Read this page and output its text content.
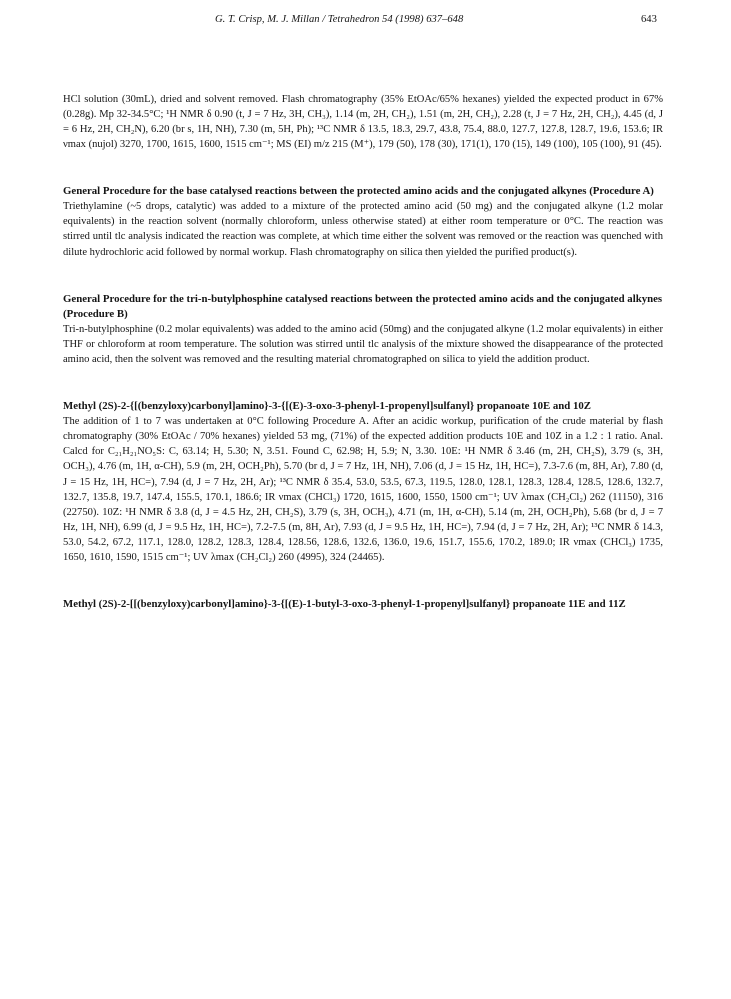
G. T. Crisp, M. J. Millan / Tetrahedron 54 (1998) 637–648	643

HCl solution (30mL), dried and solvent removed. Flash chromatography (35% EtOAc/65% hexanes) yielded the expected product in 67% (0.28g). Mp 32-34.5°C; ¹H NMR δ 0.90 (t, J = 7 Hz, 3H, CH₃), 1.14 (m, 2H, CH₂), 1.51 (m, 2H, CH₂), 2.28 (t, J = 7 Hz, 2H, CH₂), 4.45 (d, J = 6 Hz, 2H, CH₂N), 6.20 (br s, 1H, NH), 7.30 (m, 5H, Ph); ¹³C NMR δ 13.5, 18.3, 29.7, 43.8, 75.4, 88.0, 127.7, 127.8, 128.7, 19.6, 153.6; IR νmax (nujol) 3270, 1700, 1615, 1600, 1515 cm⁻¹; MS (EI) m/z 215 (M⁺), 179 (50), 178 (30), 171(1), 170 (15), 149 (100), 105 (100), 91 (45).

General Procedure for the base catalysed reactions between the protected amino acids and the conjugated alkynes (Procedure A)

Triethylamine (~5 drops, catalytic) was added to a mixture of the protected amino acid (50 mg) and the conjugated alkyne (1.2 molar equivalents) in the reaction solvent (normally chloroform, unless otherwise stated) at either room temperature or 0°C. The reaction was stirred until tlc analysis indicated the reaction was complete, at which time either the solvent was removed or the reaction was quenched with dilute hydrochloric acid followed by normal workup. Flash chromatography on silica then yielded the purified product(s).

General Procedure for the tri-n-butylphosphine catalysed reactions between the protected amino acids and the conjugated alkynes (Procedure B)

Tri-n-butylphosphine (0.2 molar equivalents) was added to the amino acid (50mg) and the conjugated alkyne (1.2 molar equivalents) in either THF or chloroform at room temperature. The solution was stirred until tlc analysis of the mixture showed the disappearance of the protected amino acid, then the solvent was removed and the resulting material chromatographed on silica to yield the addition product.

Methyl (2S)-2-{[(benzyloxy)carbonyl]amino}-3-{[(E)-3-oxo-3-phenyl-1-propenyl]sulfanyl} propanoate 10E and 10Z

The addition of 1 to 7 was undertaken at 0°C following Procedure A. After an acidic workup, purification of the crude material by flash chromatography (30% EtOAc / 70% hexanes) yielded 53 mg, (71%) of the expected addition products 10E and 10Z in a 1.2 : 1 ratio. Anal. Calcd for C₂₁H₂₁NO₅S: C, 63.14; H, 5.30; N, 3.51. Found C, 62.98; H, 5.9; N, 3.30. 10E: ¹H NMR δ 3.46 (m, 2H, CH₂S), 3.79 (s, 3H, OCH₃), 4.76 (m, 1H, α-CH), 5.9 (m, 2H, OCH₂Ph), 5.70 (br d, J = 7 Hz, 1H, NH), 7.06 (d, J = 15 Hz, 1H, HC=), 7.3-7.6 (m, 8H, Ar), 7.80 (d, J = 15 Hz, 1H, HC=), 7.94 (d, J = 7 Hz, 2H, Ar); ¹³C NMR δ 35.4, 53.0, 53.5, 67.3, 119.5, 128.0, 128.1, 128.3, 128.4, 128.5, 128.6, 132.7, 132.7, 135.8, 19.7, 147.4, 155.5, 170.1, 186.6; IR νmax (CHCl₃) 1720, 1615, 1600, 1550, 1500 cm⁻¹; UV λmax (CH₂Cl₂) 262 (11150), 316 (22750). 10Z: ¹H NMR δ 3.8 (d, J = 4.5 Hz, 2H, CH₂S), 3.79 (s, 3H, OCH₃), 4.71 (m, 1H, α-CH), 5.14 (m, 2H, OCH₂Ph), 5.68 (br d, J = 7 Hz, 1H, NH), 6.99 (d, J = 9.5 Hz, 1H, HC=), 7.2-7.5 (m, 8H, Ar), 7.93 (d, J = 9.5 Hz, 1H, HC=), 7.94 (d, J = 7 Hz, 2H, Ar); ¹³C NMR δ 14.3, 53.0, 54.2, 67.2, 117.1, 128.0, 128.2, 128.3, 128.4, 128.56, 128.6, 132.6, 136.0, 19.6, 151.7, 155.6, 170.2, 189.0; IR νmax (CHCl₃) 1735, 1650, 1610, 1590, 1515 cm⁻¹; UV λmax (CH₂Cl₂) 260 (4995), 324 (24465).

Methyl (2S)-2-[[(benzyloxy)carbonyl]amino}-3-{[(E)-1-butyl-3-oxo-3-phenyl-1-propenyl]sulfanyl} propanoate 11E and 11Z
